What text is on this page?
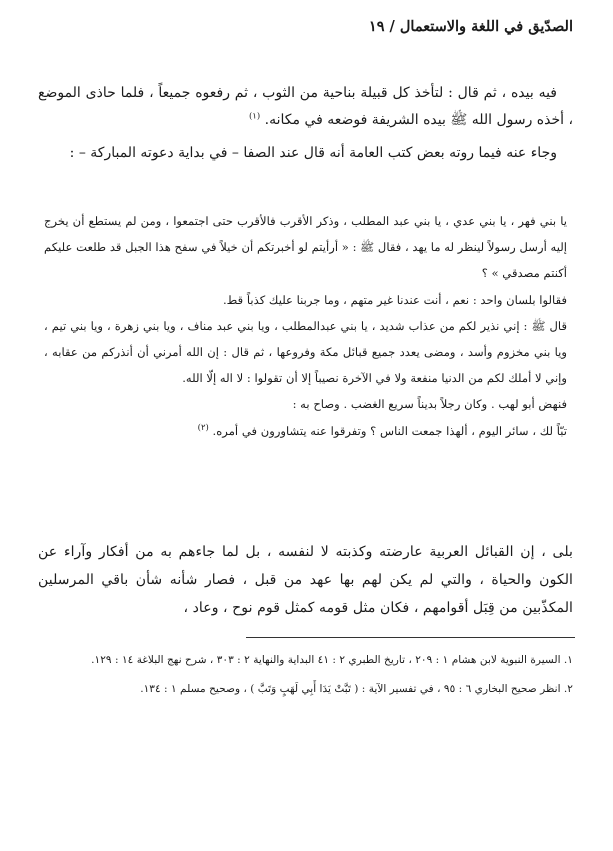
الصدّيق في اللغة والاستعمال / ١٩

فيه بيده ، ثم قال : لتأخذ كل قبيلة بناحية من الثوب ، ثم رفعوه جميعاً ، فلما حاذى الموضع ، أخذه رسول الله ﷺ بيده الشريفة فوضعه في مكانه. $^{(١)}$

وجاء عنه فيما روته بعض كتب العامة أنه قال عند الصفا – في بداية دعوته المباركة – :

يا بني فهر ، يا بني عدي ، يا بني عبد المطلب ، وذكر الأقرب فالأقرب حتى اجتمعوا ، ومن لم يستطع أن يخرج إليه أرسل رسولاً لينظر له ما يهد ، فقال ﷺ : « أرأيتم لو أخبرتكم أن خيلاً في سفح هذا الجبل قد طلعت عليكم أكنتم مصدقي » ؟

فقالوا بلسان واحد : نعم ، أنت عندنا غير متهم ، وما جربنا عليك كذباً قط.

قال ﷺ : إني نذير لكم من عذاب شديد ، يا بني عبدالمطلب ، ويا بني عبد مناف ، ويا بني زهرة ، ويا بني تيم ، ويا بني مخزوم وأسد ، ومضى يعدد جميع قبائل مكة وفروعها ، ثم قال : إن الله أمرني أن أنذركم من عقابه ، وإني لا أملك لكم من الدنيا منفعة ولا في الآخرة نصيباً إلا أن تقولوا : لا اله إلّا الله.

فنهض أبو لهب . وكان رجلاً بديناً سريع الغضب . وصاح به :

تبّاً لك ، سائر اليوم ، ألهذا جمعت الناس ؟ وتفرقوا عنه يتشاورون في أمره. $^{(٢)}$

بلى ، إن القبائل العربية عارضته وكذبته لا لنفسه ، بل لما جاءهم به من أفكار وآراء عن الكون والحياة ، والتي لم يكن لهم بها عهد من قبل ، فصار شأنه شأن باقي المرسلين المكذّبين من قِبَل أقوامهم ، فكان مثل قومه كمثل قوم نوح ، وعاد ،

١. السيرة النبوية لابن هشام ١ : ٢٠٩ ، تاريخ الطبري ٢ : ٤١ البداية والنهاية ٢ : ٣٠٣ ، شرح نهج البلاغة ١٤ : ١٢٩.

٢. انظر صحيح البخاري ٦ : ٩٥ ، في تفسير الآية : ( تَبَّتْ يَدَا أَبِي لَهَبٍ وَتَبَّ ) ، وصحيح مسلم ١ : ١٣٤.
